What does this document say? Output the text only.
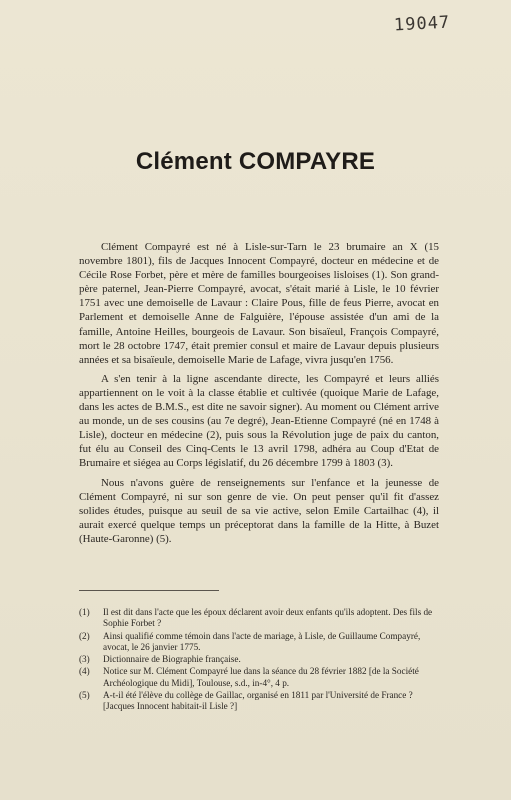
19047
Clément COMPAYRE

Clément Compayré est né à Lisle-sur-Tarn le 23 brumaire an X (15 novembre 1801), fils de Jacques Innocent Compayré, docteur en médecine et de Cécile Rose Forbet, père et mère de familles bourgeoises lisloises (1). Son grand-père paternel, Jean-Pierre Compayré, avocat, s'était marié à Lisle, le 10 février 1751 avec une demoiselle de Lavaur : Claire Pous, fille de feus Pierre, avocat en Parlement et demoiselle Anne de Falguière, l'épouse assistée d'un ami de la famille, Antoine Heilles, bourgeois de Lavaur. Son bisaïeul, François Compayré, mort le 28 octobre 1747, était premier consul et maire de Lavaur depuis plusieurs années et sa bisaïeule, demoiselle Marie de Lafage, vivra jusqu'en 1756.

A s'en tenir à la ligne ascendante directe, les Compayré et leurs alliés appartiennent on le voit à la classe établie et cultivée (quoique Marie de Lafage, dans les actes de B.M.S., est dite ne savoir signer). Au moment ou Clément arrive au monde, un de ses cousins (au 7e degré), Jean-Etienne Compayré (né en 1748 à Lisle), docteur en médecine (2), puis sous la Révolution juge de paix du canton, fut élu au Conseil des Cinq-Cents le 13 avril 1798, adhéra au Coup d'Etat de Brumaire et siégea au Corps législatif, du 26 décembre 1799 à 1803 (3).

Nous n'avons guère de renseignements sur l'enfance et la jeunesse de Clément Compayré, ni sur son genre de vie. On peut penser qu'il fit d'assez solides études, puisque au seuil de sa vie active, selon Emile Cartailhac (4), il aurait exercé quelque temps un préceptorat dans la famille de la Hitte, à Buzet (Haute-Garonne) (5).

(1)	Il est dit dans l'acte que les époux déclarent avoir deux enfants qu'ils adoptent. Des fils de Sophie Forbet ?
(2)	Ainsi qualifié comme témoin dans l'acte de mariage, à Lisle, de Guillaume Compayré, avocat, le 26 janvier 1775.
(3)	Dictionnaire de Biographie française.
(4)	Notice sur M. Clément Compayré lue dans la séance du 28 février 1882 [de la Société Archéologique du Midi], Toulouse, s.d., in-4°, 4 p.
(5)	A-t-il été l'élève du collège de Gaillac, organisé en 1811 par l'Université de France ? [Jacques Innocent habitait-il Lisle ?]
